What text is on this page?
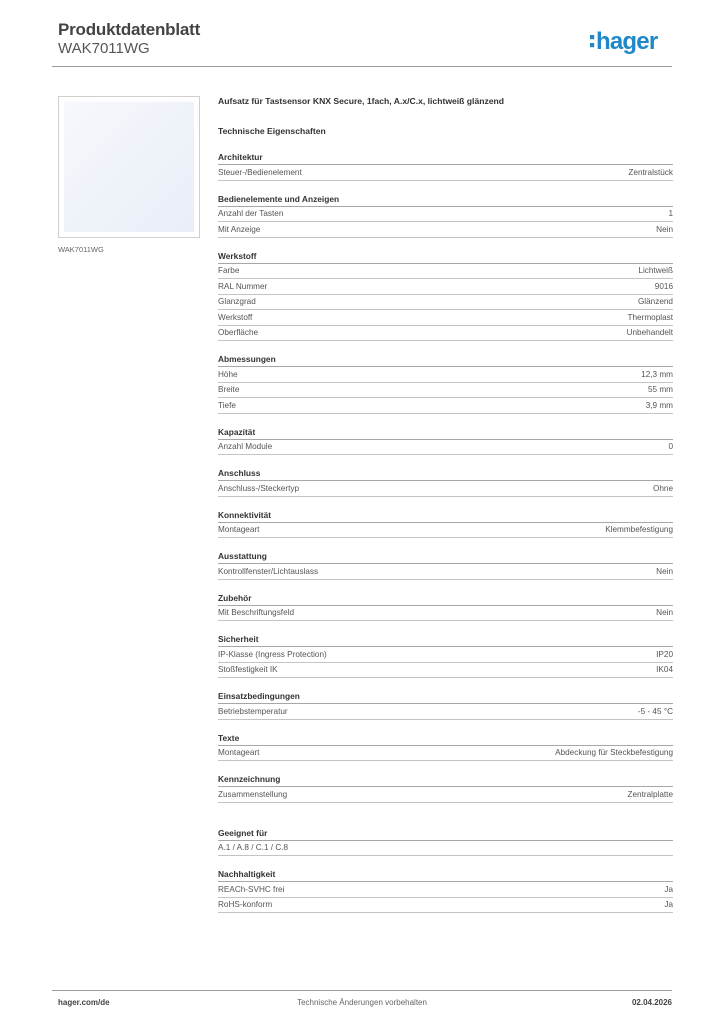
Produktdatenblatt
WAK7011WG	hager
WAK7011WG
Aufsatz für Tastsensor KNX Secure, 1fach, A.x/C.x, lichtweiß glänzend
Technische Eigenschaften
Architektur
Steuer-/Bedienelement	Zentralstück
Bedienelemente und Anzeigen
Anzahl der Tasten	1
Mit Anzeige	Nein
Werkstoff
Farbe	Lichtweiß
RAL Nummer	9016
Glanzgrad	Glänzend
Werkstoff	Thermoplast
Oberfläche	Unbehandelt
Abmessungen
Höhe	12,3 mm
Breite	55 mm
Tiefe	3,9 mm
Kapazität
Anzahl Module	0
Anschluss
Anschluss-/Steckertyp	Ohne
Konnektivität
Montageart	Klemmbefestigung
Ausstattung
Kontrollfenster/Lichtauslass	Nein
Zubehör
Mit Beschriftungsfeld	Nein
Sicherheit
IP-Klasse (Ingress Protection)	IP20
Stoßfestigkeit IK	IK04
Einsatzbedingungen
Betriebstemperatur	-5 - 45 °C
Texte
Montageart	Abdeckung für Steckbefestigung
Kennzeichnung
Zusammenstellung	Zentralplatte
Geeignet für
A.1 / A.8 / C.1 / C.8
Nachhaltigkeit
REACh-SVHC frei	Ja
RoHS-konform	Ja
hager.com/de	Technische Änderungen vorbehalten	02.04.2026
